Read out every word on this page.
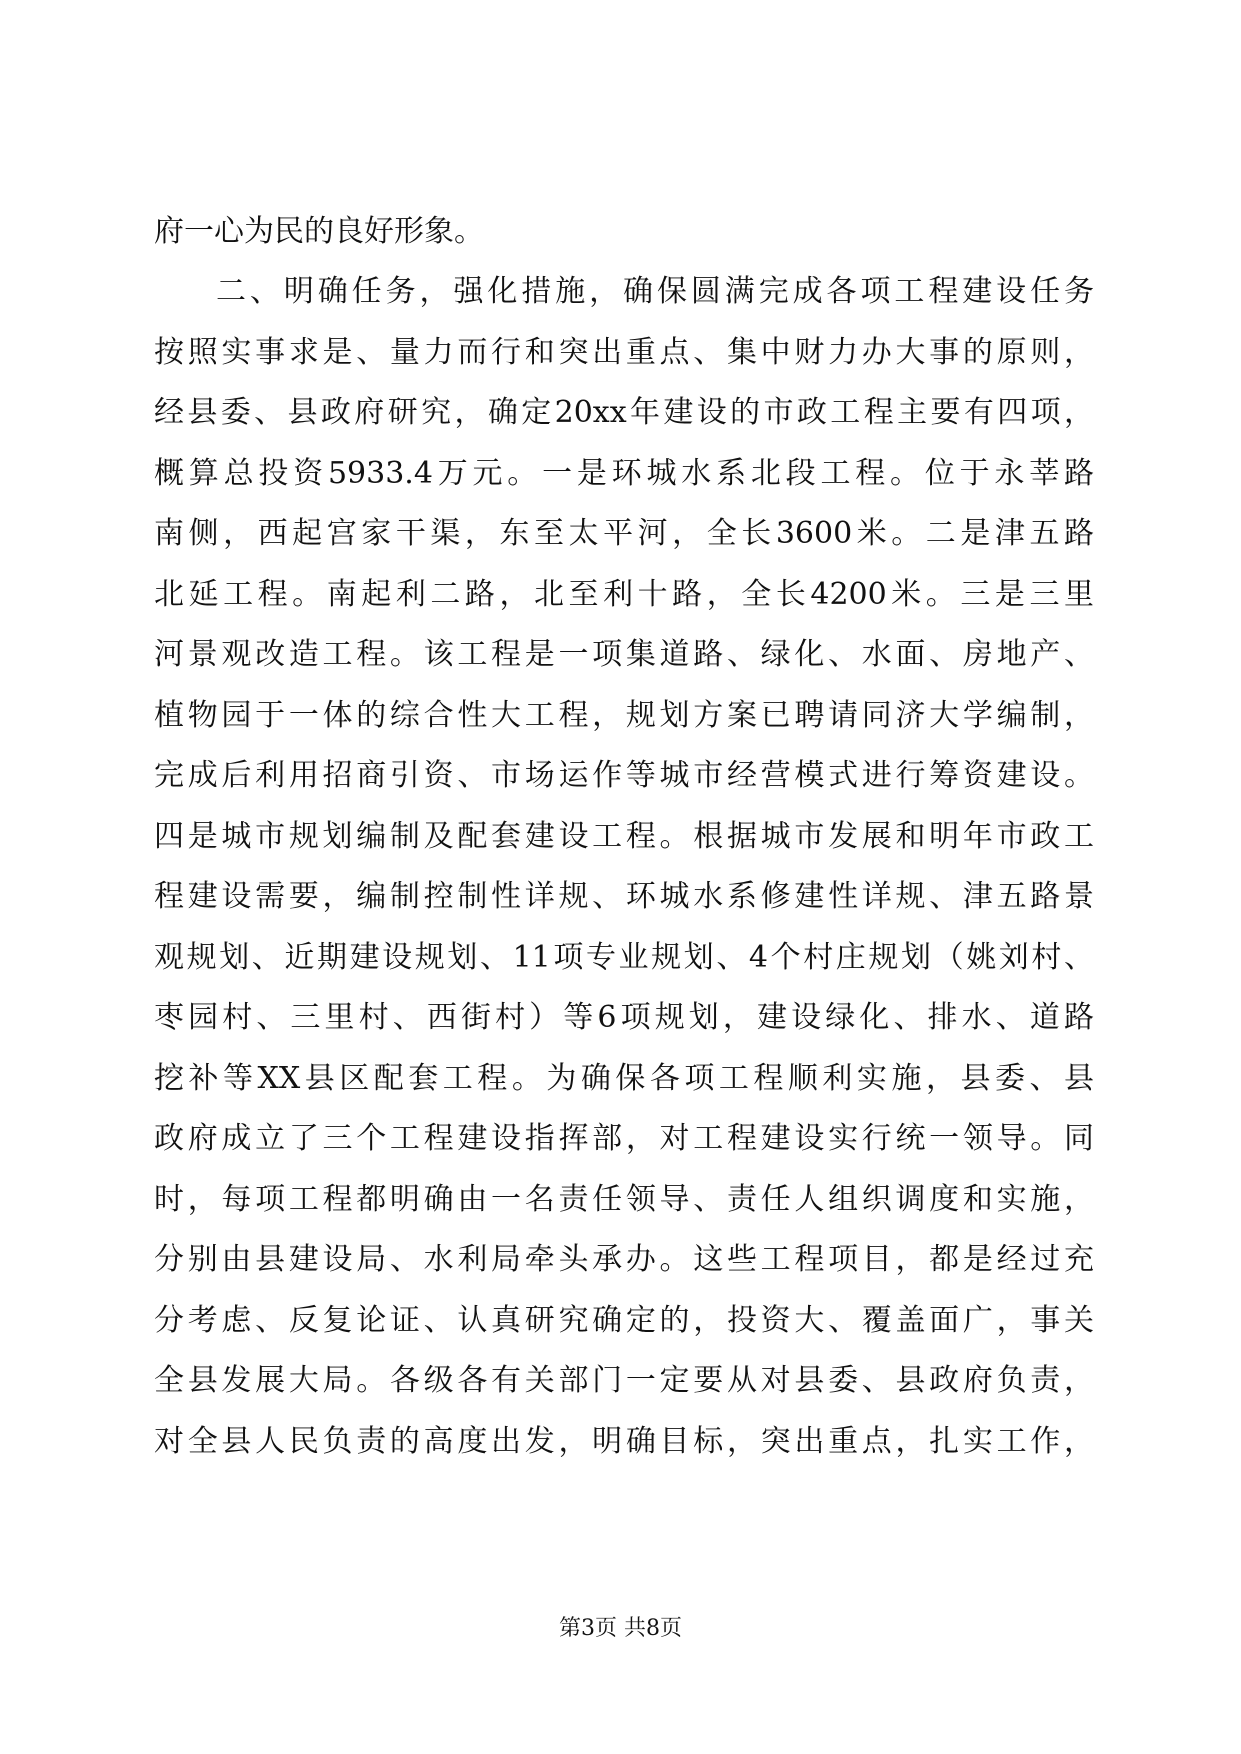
府一心为民的良好形象。
二、明确任务，强化措施，确保圆满完成各项工程建设任务
按照实事求是、量力而行和突出重点、集中财力办大事的原则，
经县委、县政府研究，确定20xx年建设的市政工程主要有四项，
概算总投资5933.4万元。一是环城水系北段工程。位于永莘路
南侧，西起宫家干渠，东至太平河，全长3600米。二是津五路
北延工程。南起利二路，北至利十路，全长4200米。三是三里
河景观改造工程。该工程是一项集道路、绿化、水面、房地产、
植物园于一体的综合性大工程，规划方案已聘请同济大学编制，
完成后利用招商引资、市场运作等城市经营模式进行筹资建设。
四是城市规划编制及配套建设工程。根据城市发展和明年市政工
程建设需要，编制控制性详规、环城水系修建性详规、津五路景
观规划、近期建设规划、11项专业规划、4个村庄规划（姚刘村、
枣园村、三里村、西街村）等6项规划，建设绿化、排水、道路
挖补等XX县区配套工程。为确保各项工程顺利实施，县委、县
政府成立了三个工程建设指挥部，对工程建设实行统一领导。同
时，每项工程都明确由一名责任领导、责任人组织调度和实施，
分别由县建设局、水利局牵头承办。这些工程项目，都是经过充
分考虑、反复论证、认真研究确定的，投资大、覆盖面广，事关
全县发展大局。各级各有关部门一定要从对县委、县政府负责，
对全县人民负责的高度出发，明确目标，突出重点，扎实工作，
第3页 共8页
